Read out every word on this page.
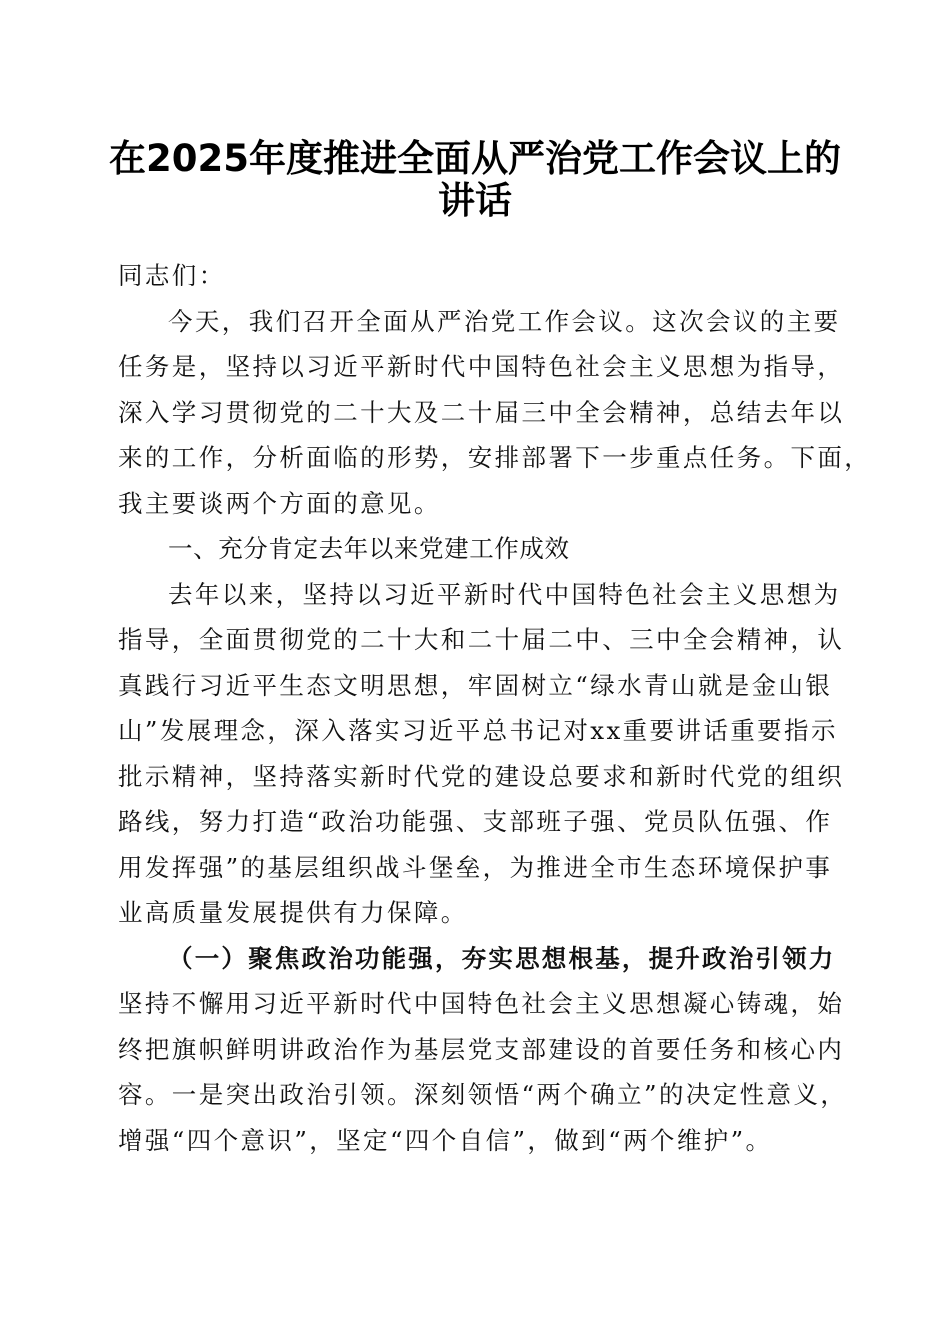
在2025年度推进全面从严治党工作会议上的
讲话
同志们：
今天，我们召开全面从严治党工作会议。这次会议的主要
任务是，坚持以习近平新时代中国特色社会主义思想为指导，
深入学习贯彻党的二十大及二十届三中全会精神，总结去年以
来的工作，分析面临的形势，安排部署下一步重点任务。下面，
我主要谈两个方面的意见。
一、充分肯定去年以来党建工作成效
去年以来，坚持以习近平新时代中国特色社会主义思想为
指导，全面贯彻党的二十大和二十届二中、三中全会精神，认
真践行习近平生态文明思想，牢固树立“绿水青山就是金山银
山”发展理念，深入落实习近平总书记对xx重要讲话重要指示
批示精神，坚持落实新时代党的建设总要求和新时代党的组织
路线，努力打造“政治功能强、支部班子强、党员队伍强、作
用发挥强”的基层组织战斗堡垒，为推进全市生态环境保护事
业高质量发展提供有力保障。
（一）聚焦政治功能强，夯实思想根基，提升政治引领力
坚持不懈用习近平新时代中国特色社会主义思想凝心铸魂，始
终把旗帜鲜明讲政治作为基层党支部建设的首要任务和核心内
容。一是突出政治引领。深刻领悟“两个确立”的决定性意义，
增强“四个意识”，坚定“四个自信”，做到“两个维护”。
